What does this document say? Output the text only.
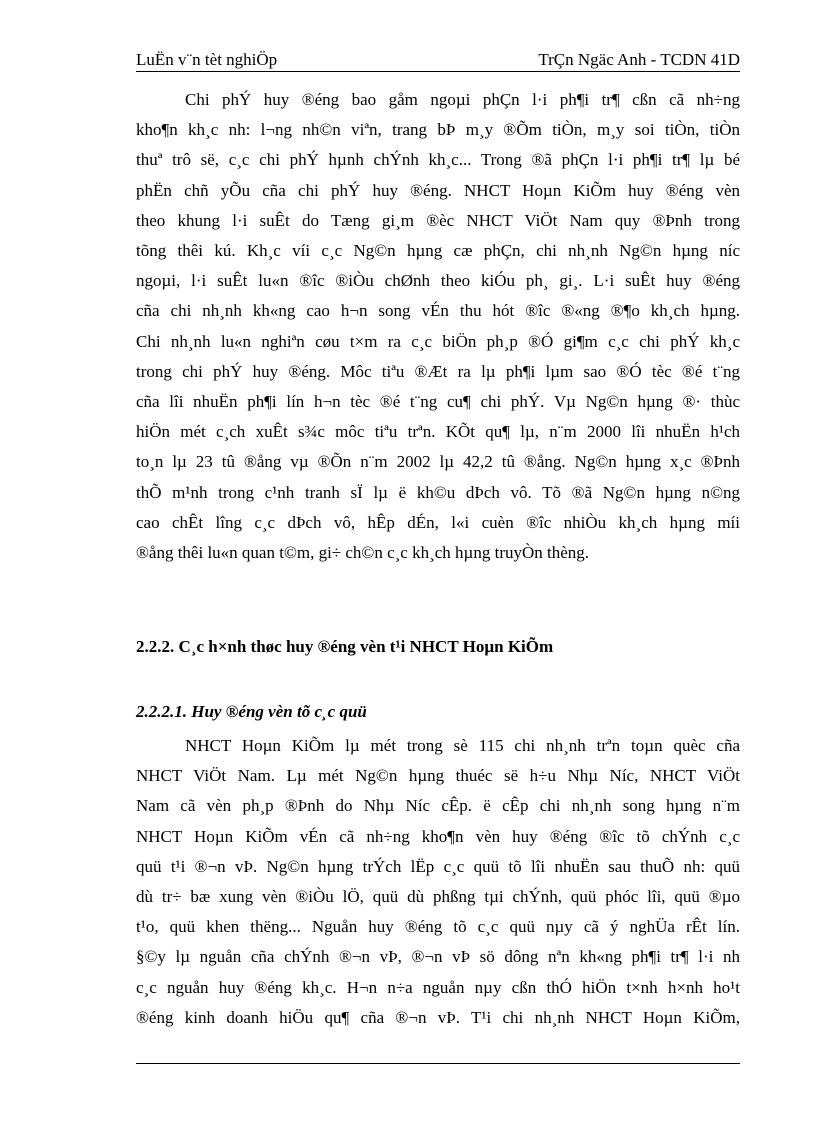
LuËn v¨n tèt nghiÖp	TrÇn Ngäc Anh - TCDN 41D
Chi phÝ huy ®éng bao gåm ngoµi phÇn l·i ph¶i tr¶ cßn cã nh÷ng
kho¶n kh¸c nh: l¬ng nh©n viªn, trang bÞ m¸y ®Õm tiÒn, m¸y soi tiÒn, tiÒn
thuª trô së, c¸c chi phÝ hµnh chÝnh kh¸c... Trong ®ã phÇn l·i ph¶i tr¶ lµ bé
phËn chñ yÕu cña chi phÝ huy ®éng. NHCT Hoµn KiÕm huy ®éng vèn
theo khung l·i suÊt do Tæng gi¸m ®èc NHCT ViÖt Nam quy ®Þnh trong
tõng thêi kú. Kh¸c víi c¸c Ng©n hµng cæ phÇn, chi nh¸nh Ng©n hµng níc
ngoµi, l·i suÊt lu«n ®îc ®iÒu chØnh theo kiÓu ph¸ gi¸. L·i suÊt huy ®éng
cña chi nh¸nh kh«ng cao h¬n song vÉn thu hót ®îc ®«ng ®¶o kh¸ch hµng.
Chi nh¸nh lu«n nghiªn cøu t×m ra c¸c biÖn ph¸p ®Ó gi¶m c¸c chi phÝ kh¸c
trong chi phÝ huy ®éng. Môc tiªu ®Æt ra lµ ph¶i lµm sao ®Ó tèc ®é t¨ng
cña lîi nhuËn ph¶i lín h¬n tèc ®é t¨ng cu¶ chi phÝ. Vµ Ng©n hµng ®· thùc
hiÖn mét c¸ch xuÊt s¾c môc tiªu trªn. KÕt qu¶ lµ, n¨m 2000 lîi nhuËn h¹ch
to¸n lµ 23 tû ®ång vµ ®Õn n¨m 2002 lµ 42,2 tû ®ång. Ng©n hµng x¸c ®Þnh
thÕ m¹nh trong c¹nh tranh sÏ lµ ë kh©u dÞch vô. Tõ ®ã Ng©n hµng n©ng
cao chÊt lîng c¸c dÞch vô, hÊp dÉn, l«i cuèn ®îc nhiÒu kh¸ch hµng míi
®ång thêi lu«n quan t©m, gi÷ ch©n c¸c kh¸ch hµng truyÒn thèng.
2.2.2. C¸c h×nh thøc huy ®éng vèn t¹i NHCT Hoµn KiÕm
2.2.2.1. Huy ®éng vèn tõ c¸c quü
NHCT Hoµn KiÕm lµ mét trong sè 115 chi nh¸nh trªn toµn quèc cña
NHCT ViÖt Nam. Lµ mét Ng©n hµng thuéc së h÷u Nhµ Níc, NHCT ViÖt
Nam cã vèn ph¸p ®Þnh do Nhµ Níc cÊp. ë cÊp chi nh¸nh song hµng n¨m
NHCT Hoµn KiÕm vÉn cã nh÷ng kho¶n vèn huy ®éng ®îc tõ chÝnh c¸c
quü t¹i ®¬n vÞ. Ng©n hµng trÝch lËp c¸c quü tõ lîi nhuËn sau thuÕ nh: quü
dù tr÷ bæ xung vèn ®iÒu lÖ, quü dù phßng tµi chÝnh, quü phóc lîi, quü ®µo
t¹o, quü khen thëng... Nguån huy ®éng tõ c¸c quü nµy cã ý nghÜa rÊt lín.
§©y lµ nguån cña chÝnh ®¬n vÞ, ®¬n vÞ sö dông nªn kh«ng ph¶i tr¶ l·i nh
c¸c nguån huy ®éng kh¸c. H¬n n÷a nguån nµy cßn thÓ hiÖn t×nh h×nh ho¹t
®éng kinh doanh hiÖu qu¶ cña ®¬n vÞ. T¹i chi nh¸nh NHCT Hoµn KiÕm,
